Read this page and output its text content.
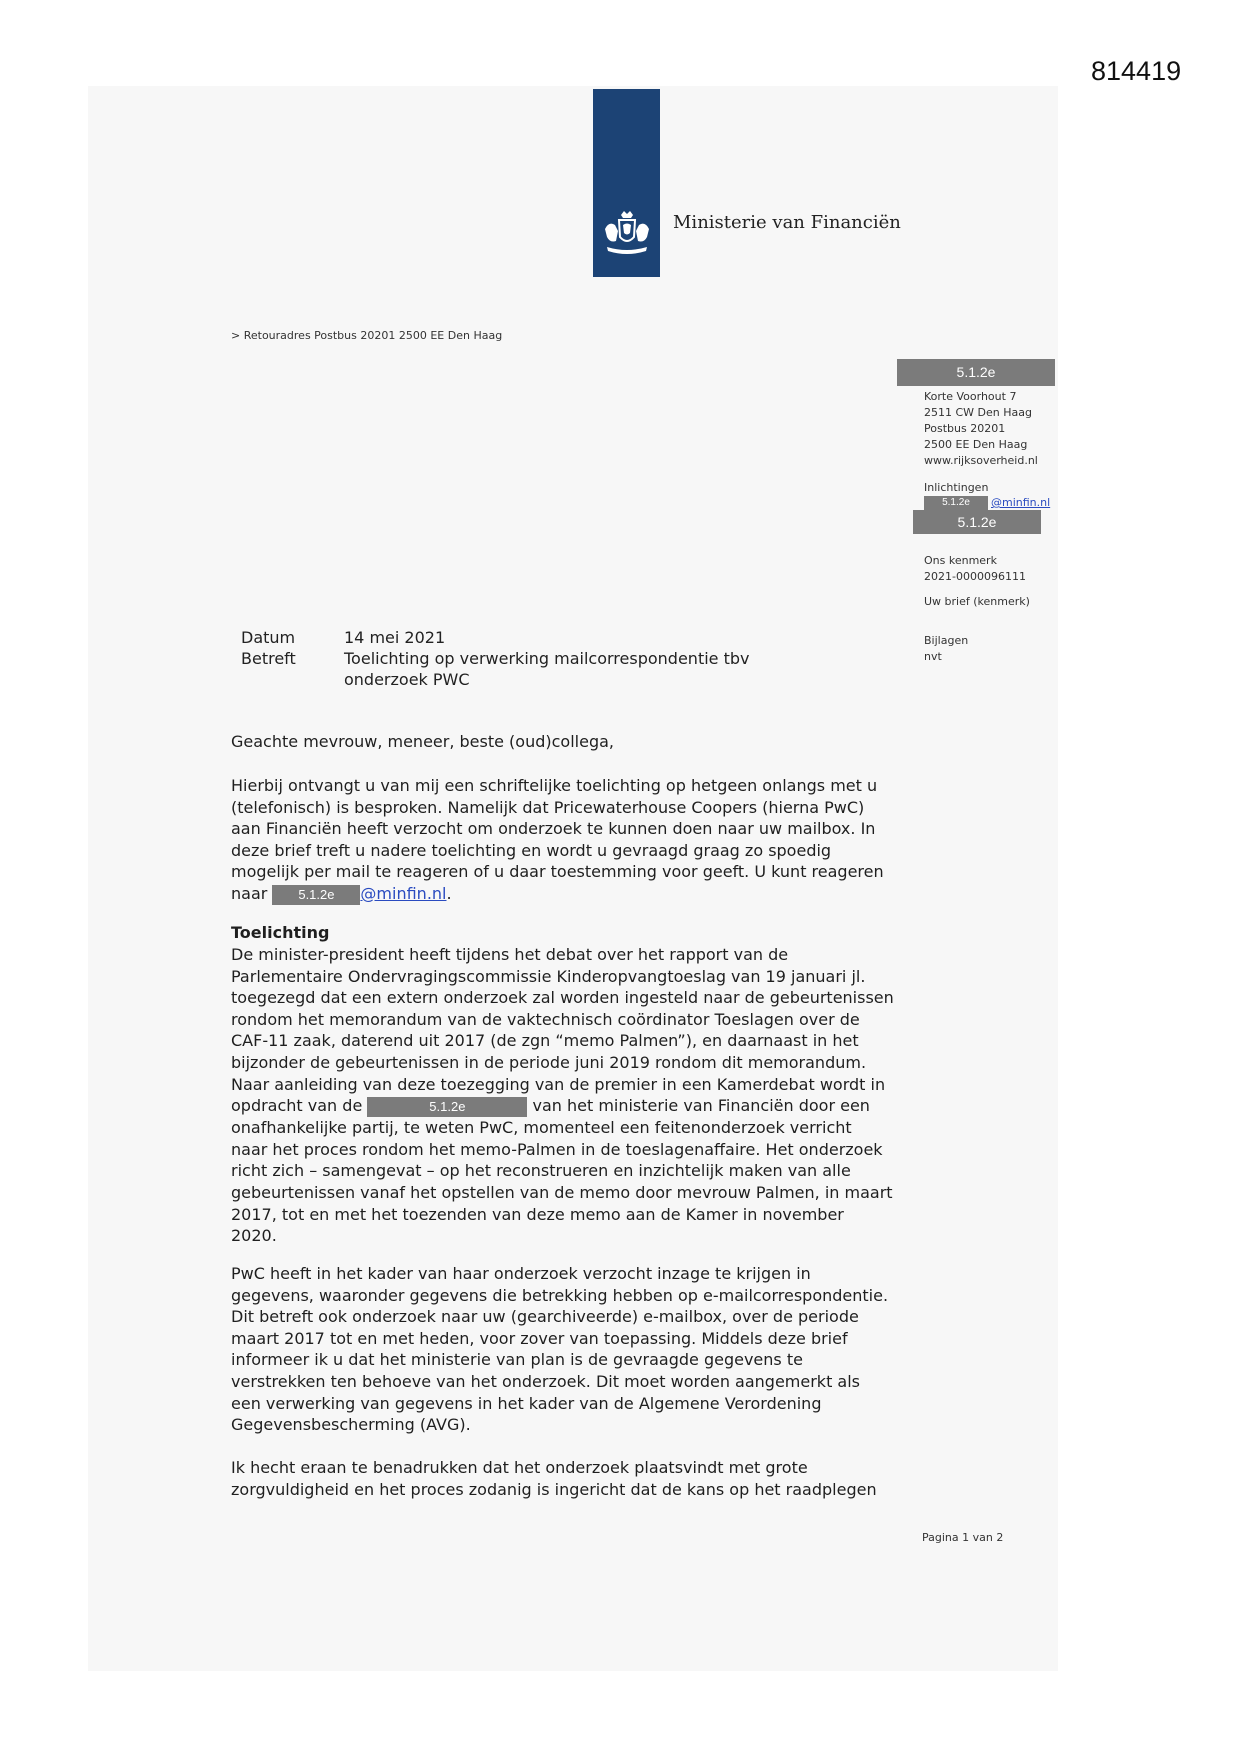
814419
Ministerie van Financiën
> Retouradres Postbus 20201 2500 EE Den Haag
5.1.2e
Korte Voorhout 7
2511 CW Den Haag
Postbus 20201
2500 EE Den Haag
www.rijksoverheid.nl
Inlichtingen
5.1.2e	@minfin.nl
5.1.2e
Ons kenmerk
2021-0000096111
Uw brief (kenmerk)
Bijlagen
nvt
Datum	14 mei 2021
Betreft	Toelichting op verwerking mailcorrespondentie tbv
onderzoek PWC
Geachte mevrouw, meneer, beste (oud)collega,

Hierbij ontvangt u van mij een schriftelijke toelichting op hetgeen onlangs met u

(telefonisch) is besproken. Namelijk dat Pricewaterhouse Coopers (hierna PwC)

aan Financiën heeft verzocht om onderzoek te kunnen doen naar uw mailbox. In

deze brief treft u nadere toelichting en wordt u gevraagd graag zo spoedig

mogelijk per mail te reageren of u daar toestemming voor geeft. U kunt reageren

naar 5.1.2e @minfin.nl.

Toelichting

De minister-president heeft tijdens het debat over het rapport van de

Parlementaire Ondervragingscommissie Kinderopvangtoeslag van 19 januari jl.

toegezegd dat een extern onderzoek zal worden ingesteld naar de gebeurtenissen

rondom het memorandum van de vaktechnisch coördinator Toeslagen over de

CAF-11 zaak, daterend uit 2017 (de zgn “memo Palmen”), en daarnaast in het

bijzonder de gebeurtenissen in de periode juni 2019 rondom dit memorandum.

Naar aanleiding van deze toezegging van de premier in een Kamerdebat wordt in

opdracht van de	5.1.2e	van het ministerie van Financiën door een

onafhankelijke partij, te weten PwC, momenteel een feitenonderzoek verricht

naar het proces rondom het memo-Palmen in de toeslagenaffaire. Het onderzoek

richt zich – samengevat – op het reconstrueren en inzichtelijk maken van alle

gebeurtenissen vanaf het opstellen van de memo door mevrouw Palmen, in maart

2017, tot en met het toezenden van deze memo aan de Kamer in november

2020.

PwC heeft in het kader van haar onderzoek verzocht inzage te krijgen in

gegevens, waaronder gegevens die betrekking hebben op e-mailcorrespondentie.

Dit betreft ook onderzoek naar uw (gearchiveerde) e-mailbox, over de periode

maart 2017 tot en met heden, voor zover van toepassing. Middels deze brief

informeer ik u dat het ministerie van plan is de gevraagde gegevens te

verstrekken ten behoeve van het onderzoek. Dit moet worden aangemerkt als

een verwerking van gegevens in het kader van de Algemene Verordening

Gegevensbescherming (AVG).

Ik hecht eraan te benadrukken dat het onderzoek plaatsvindt met grote

zorgvuldigheid en het proces zodanig is ingericht dat de kans op het raadplegen

Pagina 1 van 2
